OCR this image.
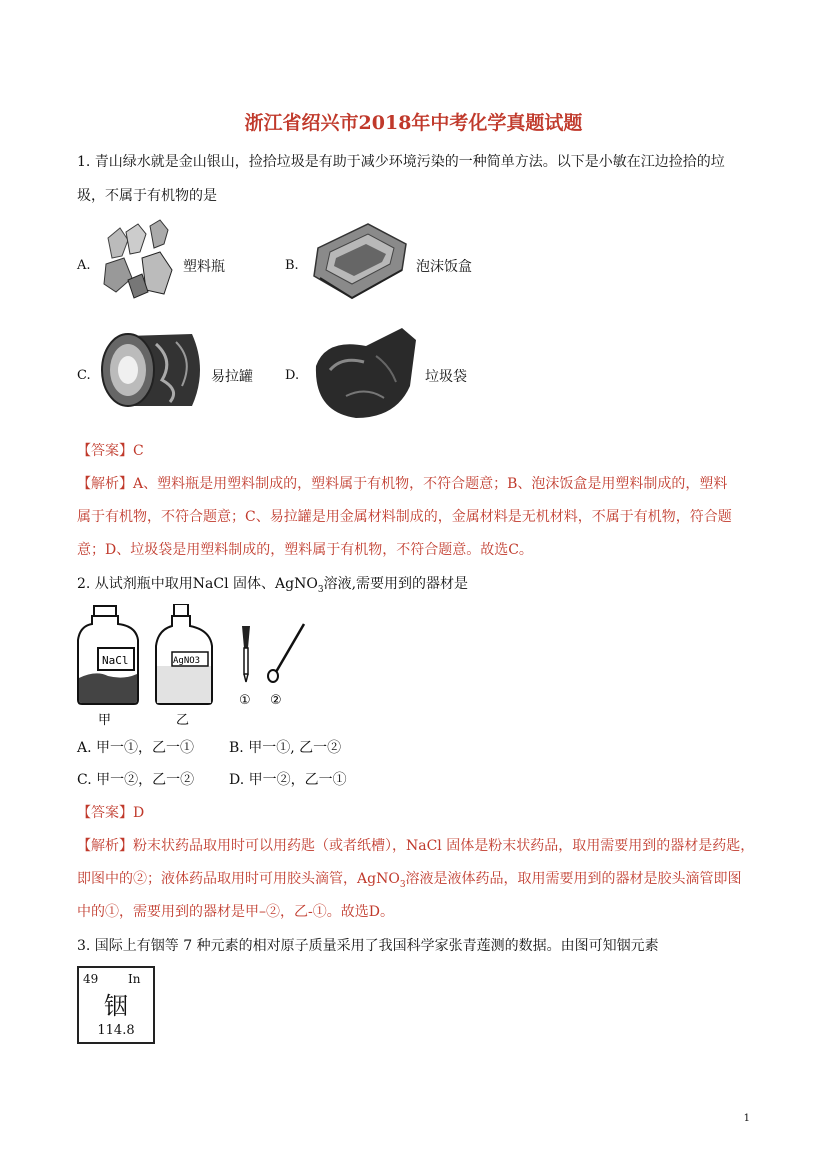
浙江省绍兴市2018年中考化学真题试题
1. 青山绿水就是金山银山，捡拾垃圾是有助于减少环境污染的一种简单方法。以下是小敏在江边捡拾的垃
圾，不属于有机物的是
A.	塑料瓶	B.	泡沫饭盒
C.	易拉罐 D.	垃圾袋
【答案】C
【解析】A、塑料瓶是用塑料制成的，塑料属于有机物，不符合题意；B、泡沫饭盒是用塑料制成的，塑料
属于有机物，不符合题意；C、易拉罐是用金属材料制成的，金属材料是无机材料，不属于有机物，符合题
意；D、垃圾袋是用塑料制成的，塑料属于有机物，不符合题意。故选C。
2. 从试剂瓶中取用NaCl 固体、AgNO$_3$溶液,需要用到的器材是
NaCl
甲
AgNO3
乙
① ②
A. 甲一①，乙一① B. 甲一①, 乙一②
C. 甲一②，乙一② D. 甲一②，乙一①
【答案】D
【解析】粉末状药品取用时可以用药匙（或者纸槽），NaCl 固体是粉末状药品，取用需要用到的器材是药匙，
即图中的②；液体药品取用时可用胶头滴管，AgNO$_3$溶液是液体药品，取用需要用到的器材是胶头滴管即图
中的①，需要用到的器材是甲–②，乙-①。故选D。
3. 国际上有铟等 7 种元素的相对原子质量采用了我国科学家张青莲测的数据。由图可知铟元素
49 In
铟
114.8
1
